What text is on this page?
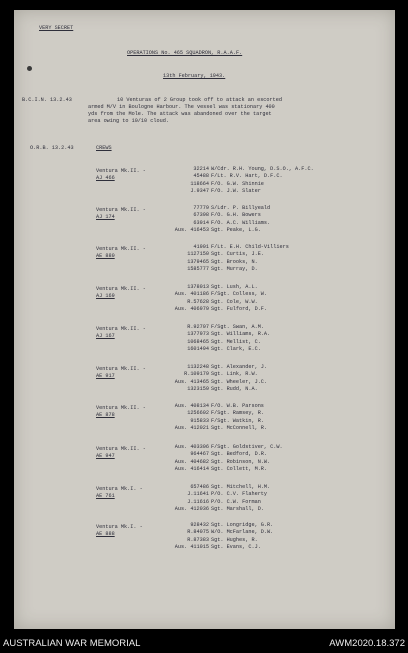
VERY SECRET
OPERATIONS No. 465 SQUADRON, R.A.A.F.
13th February, 1943.
B.C.I.N. 13.2.43	10 Venturas of 2 Group took off to attack an escorted
armed M/V in Boulogne Harbour. The vessel was stationary 400
yds from the Mole. The attack was abandoned over the target
area owing to 10/10 cloud.
O.R.B. 13.2.43	CREWS
Ventura Mk.II. -
AJ 466
32214 W/Cdr. R.H. Young, D.S.O., A.F.C.
45488 F/Lt. R.V. Hart, D.F.C.
118664 F/O. G.W. Shinnie
J.9347 F/O. J.W. Slater
Ventura Mk.II. -
AJ 174
77779 S/Ldr. P. Billyeald
67398 F/O. G.H. Bowers
63914 F/O. A.C. Williams.
Aus. 416453 Sgt. Peake, L.G.
Ventura Mk.II. -
AE 880
41901 F/Lt. E.H. Child-Villiers
1127150 Sgt. Curtis, J.E.
1379465 Sgt. Brooks, N.
1585777 Sgt. Murray, D.
Ventura Mk.II. -
AJ 169
1378013 Sgt. Lush, A.L.
Aus. 401186 F/Sgt. Colless, W.
R.57628 Sgt. Cole, W.W.
Aus. 406979 Sgt. Fulford, D.F.
Ventura Mk.II. -
AJ 167
R.92707 F/Sgt. Swan, A.M.
1377973 Sgt. Williams, R.A.
1068465 Sgt. Mellist, C.
1601494 Sgt. Clark, E.C.
Ventura Mk.II. -
AE 917
1132248 Sgt. Alexander, J.
R.109179 Sgt. Link, R.W.
Aus. 413465 Sgt. Wheeler, J.C.
1323159 Sgt. Rudd, N.A.
Ventura Mk.II. -
AE 878
Aus. 408134 F/O. W.B. Parsons
1256602 F/Sgt. Ramsey, R.
915833 F/Sgt. Watkin, R.
Aus. 412021 Sgt. McConnell, R.
Ventura Mk.II. -
AE 947
Aus. 403306 F/Sgt. Goldstiver, C.W.
964467 Sgt. Bedford, D.R.
Aus. 404682 Sgt. Robinson, N.W.
Aus. 416414 Sgt. Collett, M.R.
Ventura Mk.I. -
AE 761
657486 Sgt. Mitchell, H.M.
J.11641 P/O. C.V. Flaherty
J.11616 P/O. C.W. Forman
Aus. 412036 Sgt. Marshall, D.
Ventura Mk.I. -
AE 888
928432 Sgt. Longridge, G.R.
R.84075 W/O. McFarlane, D.W.
R.87383 Sgt. Hughes, R.
Aus. 411015 Sgt. Evans, C.J.
AUSTRALIAN WAR MEMORIAL	AWM2020.18.372
